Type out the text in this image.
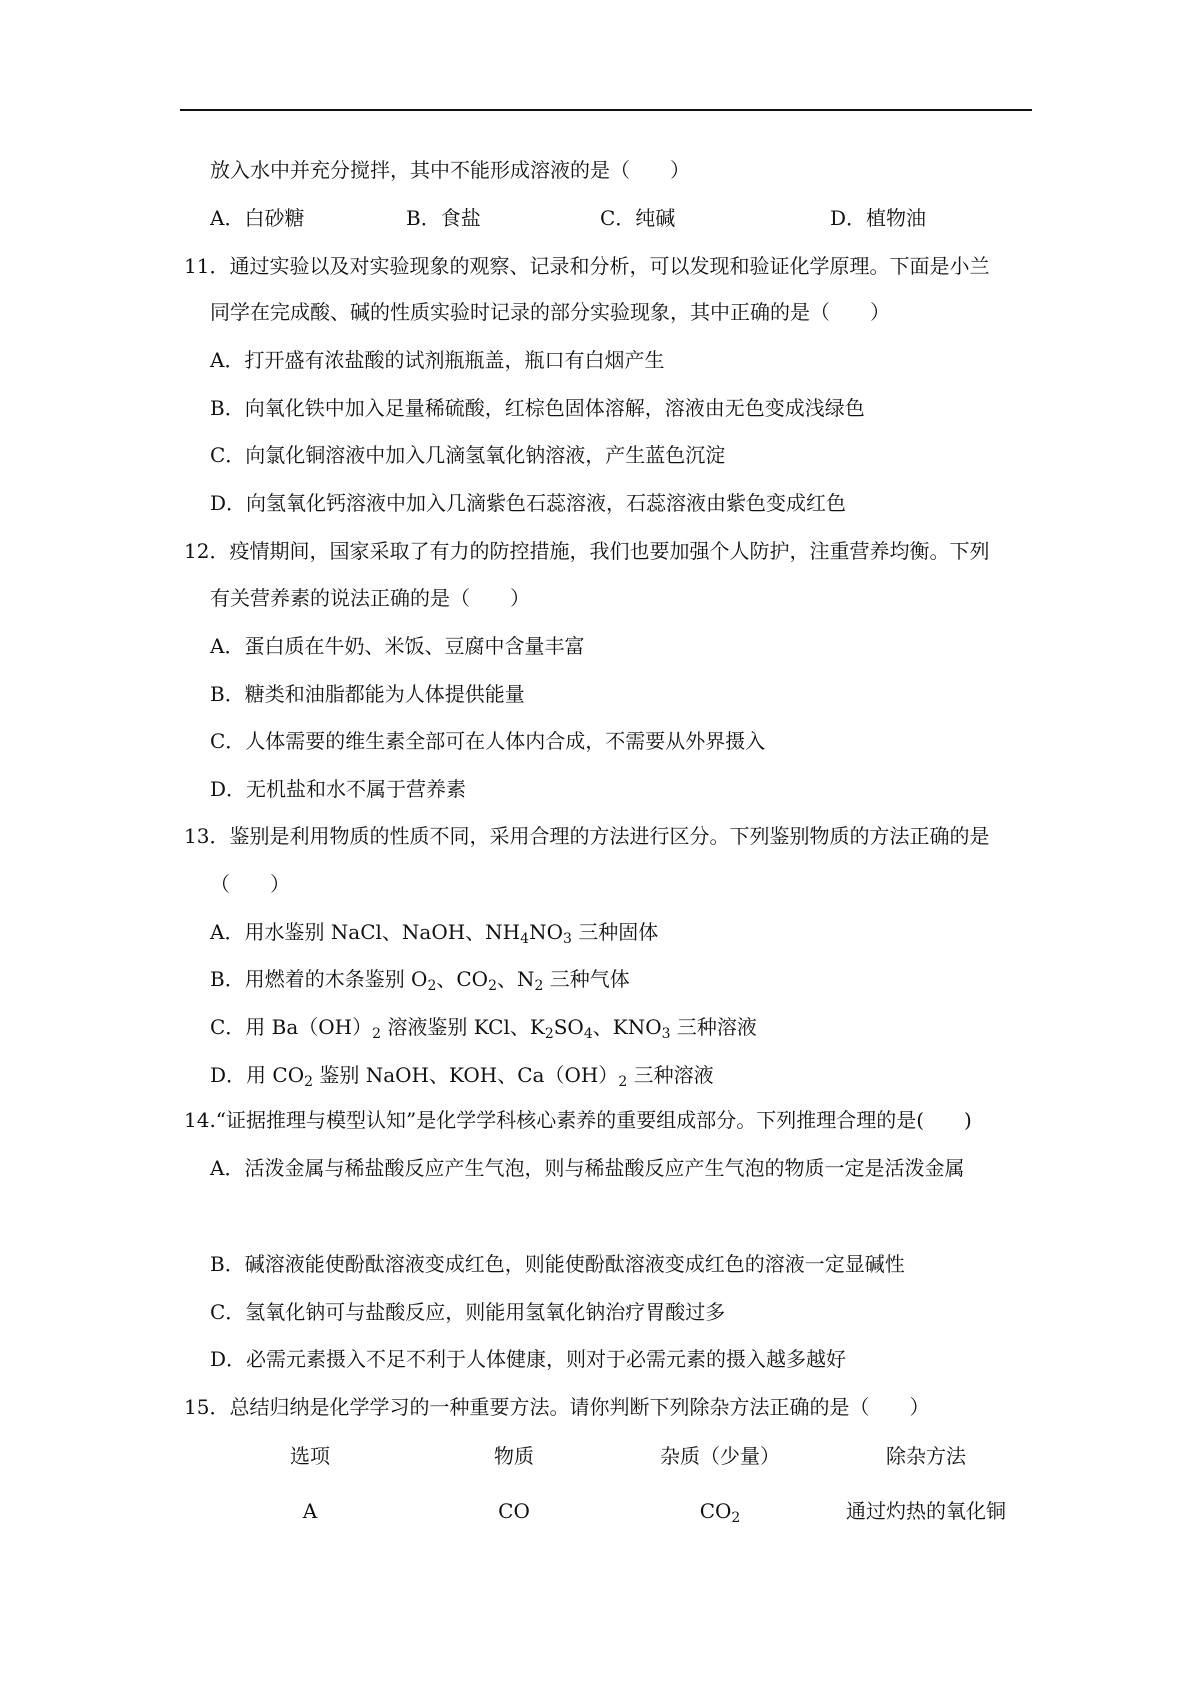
放入水中并充分搅拌，其中不能形成溶液的是（　　）
A．白砂糖	B．食盐	C．纯碱	D．植物油
11．通过实验以及对实验现象的观察、记录和分析，可以发现和验证化学原理。下面是小兰
同学在完成酸、碱的性质实验时记录的部分实验现象，其中正确的是（　　）
A．打开盛有浓盐酸的试剂瓶瓶盖，瓶口有白烟产生
B．向氧化铁中加入足量稀硫酸，红棕色固体溶解，溶液由无色变成浅绿色
C．向氯化铜溶液中加入几滴氢氧化钠溶液，产生蓝色沉淀
D．向氢氧化钙溶液中加入几滴紫色石蕊溶液，石蕊溶液由紫色变成红色
12．疫情期间，国家采取了有力的防控措施，我们也要加强个人防护，注重营养均衡。下列
有关营养素的说法正确的是（　　）
A．蛋白质在牛奶、米饭、豆腐中含量丰富
B．糖类和油脂都能为人体提供能量
C．人体需要的维生素全部可在人体内合成，不需要从外界摄入
D．无机盐和水不属于营养素
13．鉴别是利用物质的性质不同，采用合理的方法进行区分。下列鉴别物质的方法正确的是
（　　）
A．用水鉴别 NaCl、NaOH、$NH_4NO_3$ 三种固体
B．用燃着的木条鉴别 $O_2$、$CO_2$、$N_2$ 三种气体
C．用 $Ba(OH)_2$ 溶液鉴别 KCl、$K_2SO_4$、$KNO_3$ 三种溶液
D．用 $CO_2$ 鉴别 NaOH、KOH、$Ca(OH)_2$ 三种溶液
14.“证据推理与模型认知”是化学学科核心素养的重要组成部分。下列推理合理的是(　　)
A．活泼金属与稀盐酸反应产生气泡，则与稀盐酸反应产生气泡的物质一定是活泼金属
B．碱溶液能使酚酞溶液变成红色，则能使酚酞溶液变成红色的溶液一定显碱性
C．氢氧化钠可与盐酸反应，则能用氢氧化钠治疗胃酸过多
D．必需元素摄入不足不利于人体健康，则对于必需元素的摄入越多越好
15．总结归纳是化学学习的一种重要方法。请你判断下列除杂方法正确的是（　　）
选项	物质	杂质（少量）	除杂方法
A	CO	$CO_2$	通过灼热的氧化铜
